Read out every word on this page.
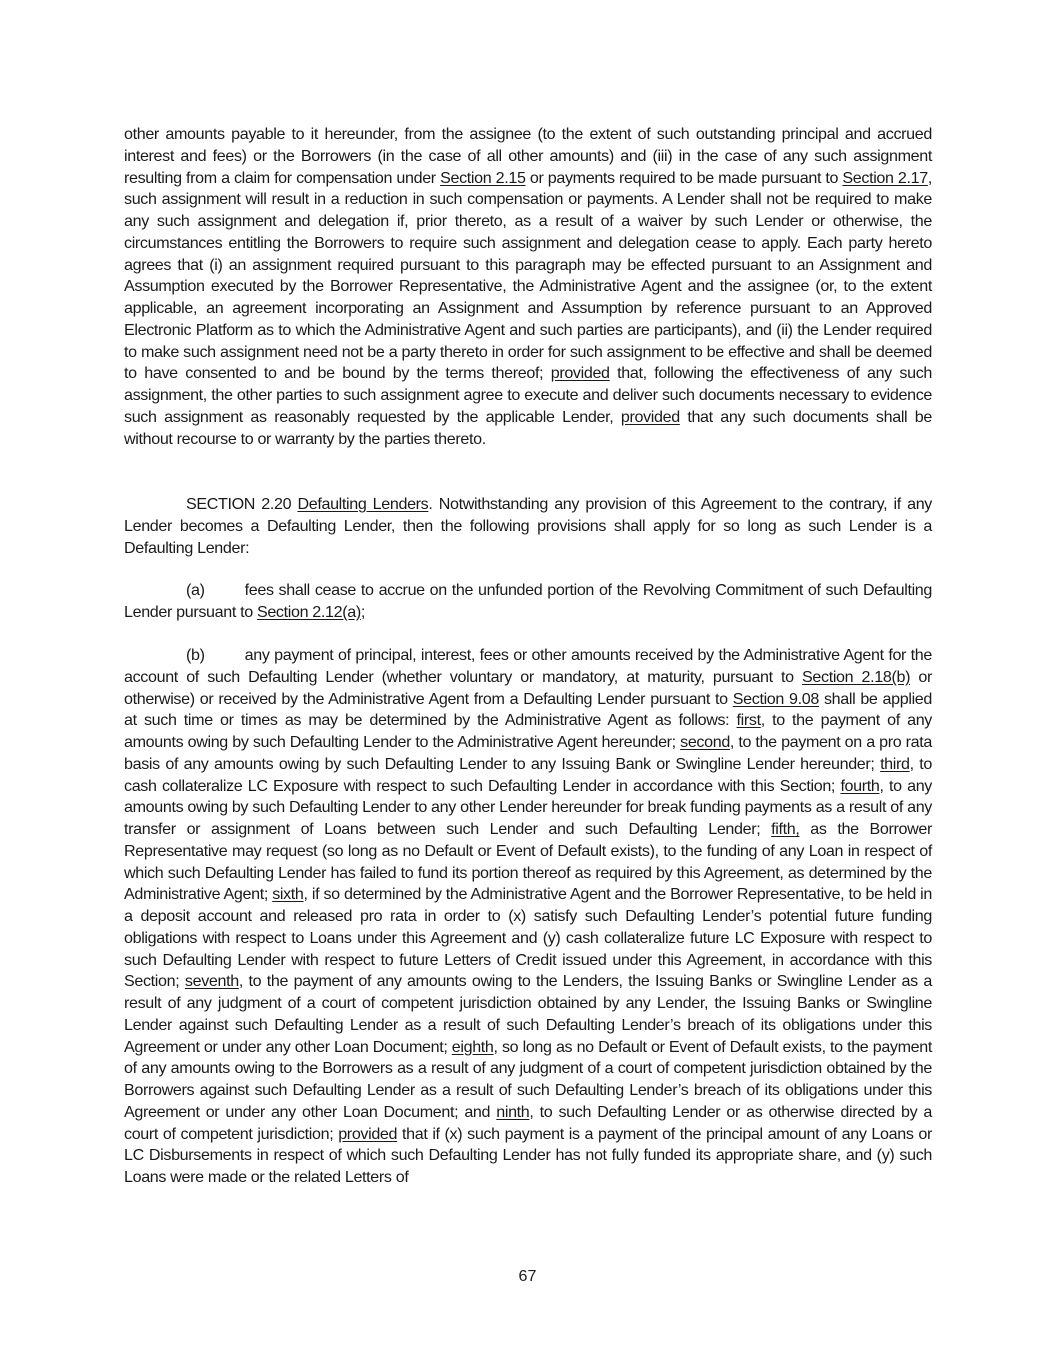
other amounts payable to it hereunder, from the assignee (to the extent of such outstanding principal and accrued interest and fees) or the Borrowers (in the case of all other amounts) and (iii) in the case of any such assignment resulting from a claim for compensation under Section 2.15 or payments required to be made pursuant to Section 2.17, such assignment will result in a reduction in such compensation or payments. A Lender shall not be required to make any such assignment and delegation if, prior thereto, as a result of a waiver by such Lender or otherwise, the circumstances entitling the Borrowers to require such assignment and delegation cease to apply. Each party hereto agrees that (i) an assignment required pursuant to this paragraph may be effected pursuant to an Assignment and Assumption executed by the Borrower Representative, the Administrative Agent and the assignee (or, to the extent applicable, an agreement incorporating an Assignment and Assumption by reference pursuant to an Approved Electronic Platform as to which the Administrative Agent and such parties are participants), and (ii) the Lender required to make such assignment need not be a party thereto in order for such assignment to be effective and shall be deemed to have consented to and be bound by the terms thereof; provided that, following the effectiveness of any such assignment, the other parties to such assignment agree to execute and deliver such documents necessary to evidence such assignment as reasonably requested by the applicable Lender, provided that any such documents shall be without recourse to or warranty by the parties thereto.

SECTION 2.20 Defaulting Lenders. Notwithstanding any provision of this Agreement to the contrary, if any Lender becomes a Defaulting Lender, then the following provisions shall apply for so long as such Lender is a Defaulting Lender:

(a) fees shall cease to accrue on the unfunded portion of the Revolving Commitment of such Defaulting Lender pursuant to Section 2.12(a);

(b) any payment of principal, interest, fees or other amounts received by the Administrative Agent for the account of such Defaulting Lender (whether voluntary or mandatory, at maturity, pursuant to Section 2.18(b) or otherwise) or received by the Administrative Agent from a Defaulting Lender pursuant to Section 9.08 shall be applied at such time or times as may be determined by the Administrative Agent as follows: first, to the payment of any amounts owing by such Defaulting Lender to the Administrative Agent hereunder; second, to the payment on a pro rata basis of any amounts owing by such Defaulting Lender to any Issuing Bank or Swingline Lender hereunder; third, to cash collateralize LC Exposure with respect to such Defaulting Lender in accordance with this Section; fourth, to any amounts owing by such Defaulting Lender to any other Lender hereunder for break funding payments as a result of any transfer or assignment of Loans between such Lender and such Defaulting Lender; fifth, as the Borrower Representative may request (so long as no Default or Event of Default exists), to the funding of any Loan in respect of which such Defaulting Lender has failed to fund its portion thereof as required by this Agreement, as determined by the Administrative Agent; sixth, if so determined by the Administrative Agent and the Borrower Representative, to be held in a deposit account and released pro rata in order to (x) satisfy such Defaulting Lender’s potential future funding obligations with respect to Loans under this Agreement and (y) cash collateralize future LC Exposure with respect to such Defaulting Lender with respect to future Letters of Credit issued under this Agreement, in accordance with this Section; seventh, to the payment of any amounts owing to the Lenders, the Issuing Banks or Swingline Lender as a result of any judgment of a court of competent jurisdiction obtained by any Lender, the Issuing Banks or Swingline Lender against such Defaulting Lender as a result of such Defaulting Lender’s breach of its obligations under this Agreement or under any other Loan Document; eighth, so long as no Default or Event of Default exists, to the payment of any amounts owing to the Borrowers as a result of any judgment of a court of competent jurisdiction obtained by the Borrowers against such Defaulting Lender as a result of such Defaulting Lender’s breach of its obligations under this Agreement or under any other Loan Document; and ninth, to such Defaulting Lender or as otherwise directed by a court of competent jurisdiction; provided that if (x) such payment is a payment of the principal amount of any Loans or LC Disbursements in respect of which such Defaulting Lender has not fully funded its appropriate share, and (y) such Loans were made or the related Letters of

67
